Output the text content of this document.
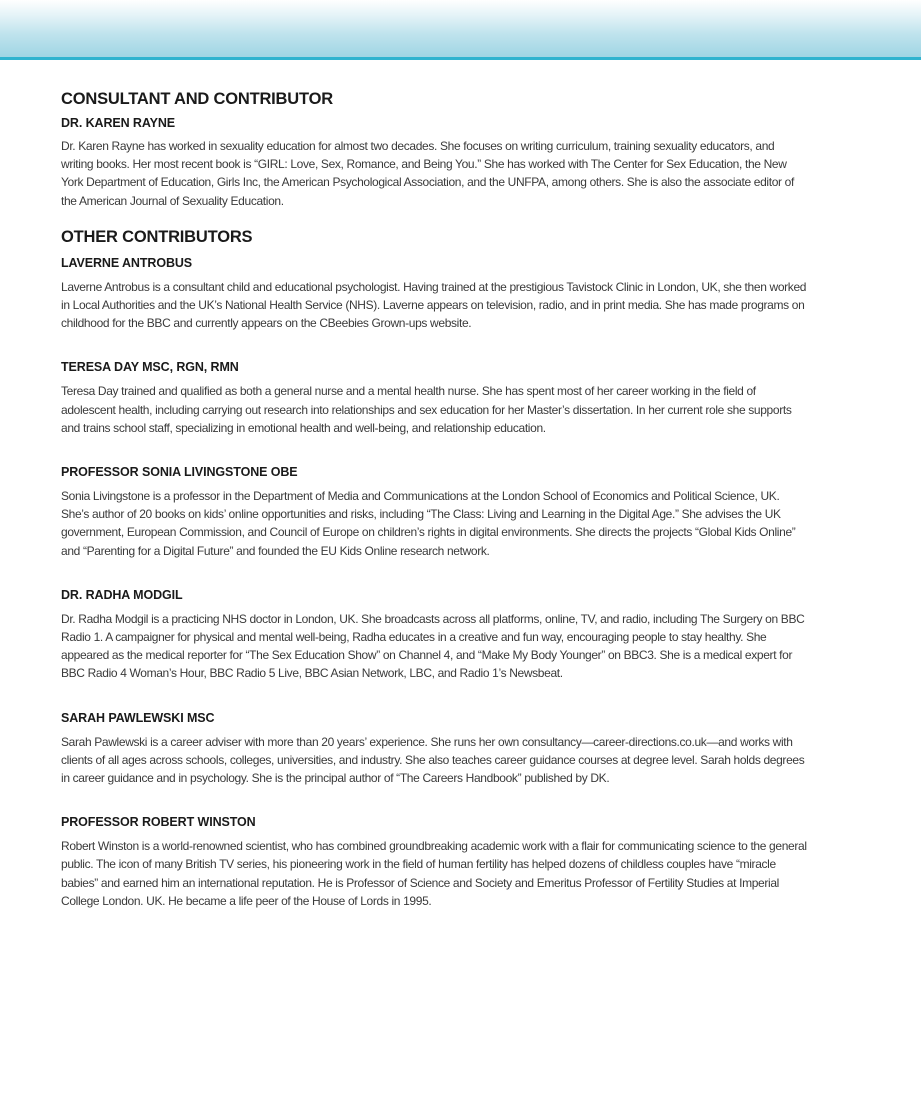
CONSULTANT AND CONTRIBUTOR
DR. KAREN RAYNE

Dr. Karen Rayne has worked in sexuality education for almost two decades. She focuses on writing curriculum, training sexuality educators, and writing books. Her most recent book is “GIRL: Love, Sex, Romance, and Being You.” She has worked with The Center for Sex Education, the New York Department of Education, Girls Inc, the American Psychological Association, and the UNFPA, among others. She is also the associate editor of the American Journal of Sexuality Education.

OTHER CONTRIBUTORS
LAVERNE ANTROBUS

Laverne Antrobus is a consultant child and educational psychologist. Having trained at the prestigious Tavistock Clinic in London, UK, she then worked in Local Authorities and the UK’s National Health Service (NHS). Laverne appears on television, radio, and in print media. She has made programs on childhood for the BBC and currently appears on the CBeebies Grown-ups website.

TERESA DAY MSC, RGN, RMN

Teresa Day trained and qualified as both a general nurse and a mental health nurse. She has spent most of her career working in the field of adolescent health, including carrying out research into relationships and sex education for her Master’s dissertation. In her current role she supports and trains school staff, specializing in emotional health and well-being, and relationship education.

PROFESSOR SONIA LIVINGSTONE OBE

Sonia Livingstone is a professor in the Department of Media and Communications at the London School of Economics and Political Science, UK. She’s author of 20 books on kids’ online opportunities and risks, including “The Class: Living and Learning in the Digital Age.” She advises the UK government, European Commission, and Council of Europe on children’s rights in digital environments. She directs the projects “Global Kids Online” and “Parenting for a Digital Future” and founded the EU Kids Online research network.

DR. RADHA MODGIL

Dr. Radha Modgil is a practicing NHS doctor in London, UK. She broadcasts across all platforms, online, TV, and radio, including The Surgery on BBC Radio 1. A campaigner for physical and mental well-being, Radha educates in a creative and fun way, encouraging people to stay healthy. She appeared as the medical reporter for “The Sex Education Show” on Channel 4, and “Make My Body Younger” on BBC3. She is a medical expert for BBC Radio 4 Woman’s Hour, BBC Radio 5 Live, BBC Asian Network, LBC, and Radio 1’s Newsbeat.

SARAH PAWLEWSKI MSC

Sarah Pawlewski is a career adviser with more than 20 years’ experience. She runs her own consultancy—career-directions.co.uk—and works with clients of all ages across schools, colleges, universities, and industry. She also teaches career guidance courses at degree level. Sarah holds degrees in career guidance and in psychology. She is the principal author of “The Careers Handbook” published by DK.

PROFESSOR ROBERT WINSTON

Robert Winston is a world-renowned scientist, who has combined groundbreaking academic work with a flair for communicating science to the general public. The icon of many British TV series, his pioneering work in the field of human fertility has helped dozens of childless couples have “miracle babies” and earned him an international reputation. He is Professor of Science and Society and Emeritus Professor of Fertility Studies at Imperial College London. UK. He became a life peer of the House of Lords in 1995.
